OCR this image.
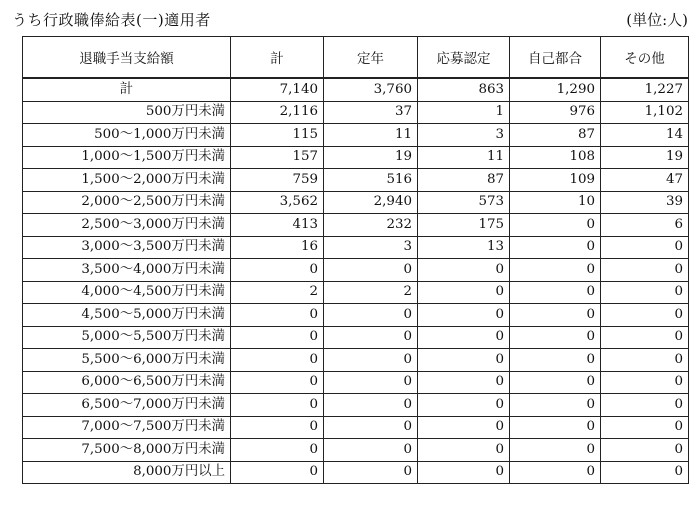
うち行政職俸給表(一)適用者	(単位:人)
退職手当支給額	計	定年	応募認定	自己都合	その他
計	7,140	3,760	863	1,290	1,227
500万円未満	2,116	37	1	976	1,102
500～1,000万円未満	115	11	3	87	14
1,000～1,500万円未満	157	19	11	108	19
1,500～2,000万円未満	759	516	87	109	47
2,000～2,500万円未満	3,562	2,940	573	10	39
2,500～3,000万円未満	413	232	175	0	6
3,000～3,500万円未満	16	3	13	0	0
3,500～4,000万円未満	0	0	0	0	0
4,000～4,500万円未満	2	2	0	0	0
4,500～5,000万円未満	0	0	0	0	0
5,000～5,500万円未満	0	0	0	0	0
5,500～6,000万円未満	0	0	0	0	0
6,000～6,500万円未満	0	0	0	0	0
6,500～7,000万円未満	0	0	0	0	0
7,000～7,500万円未満	0	0	0	0	0
7,500～8,000万円未満	0	0	0	0	0
8,000万円以上	0	0	0	0	0
